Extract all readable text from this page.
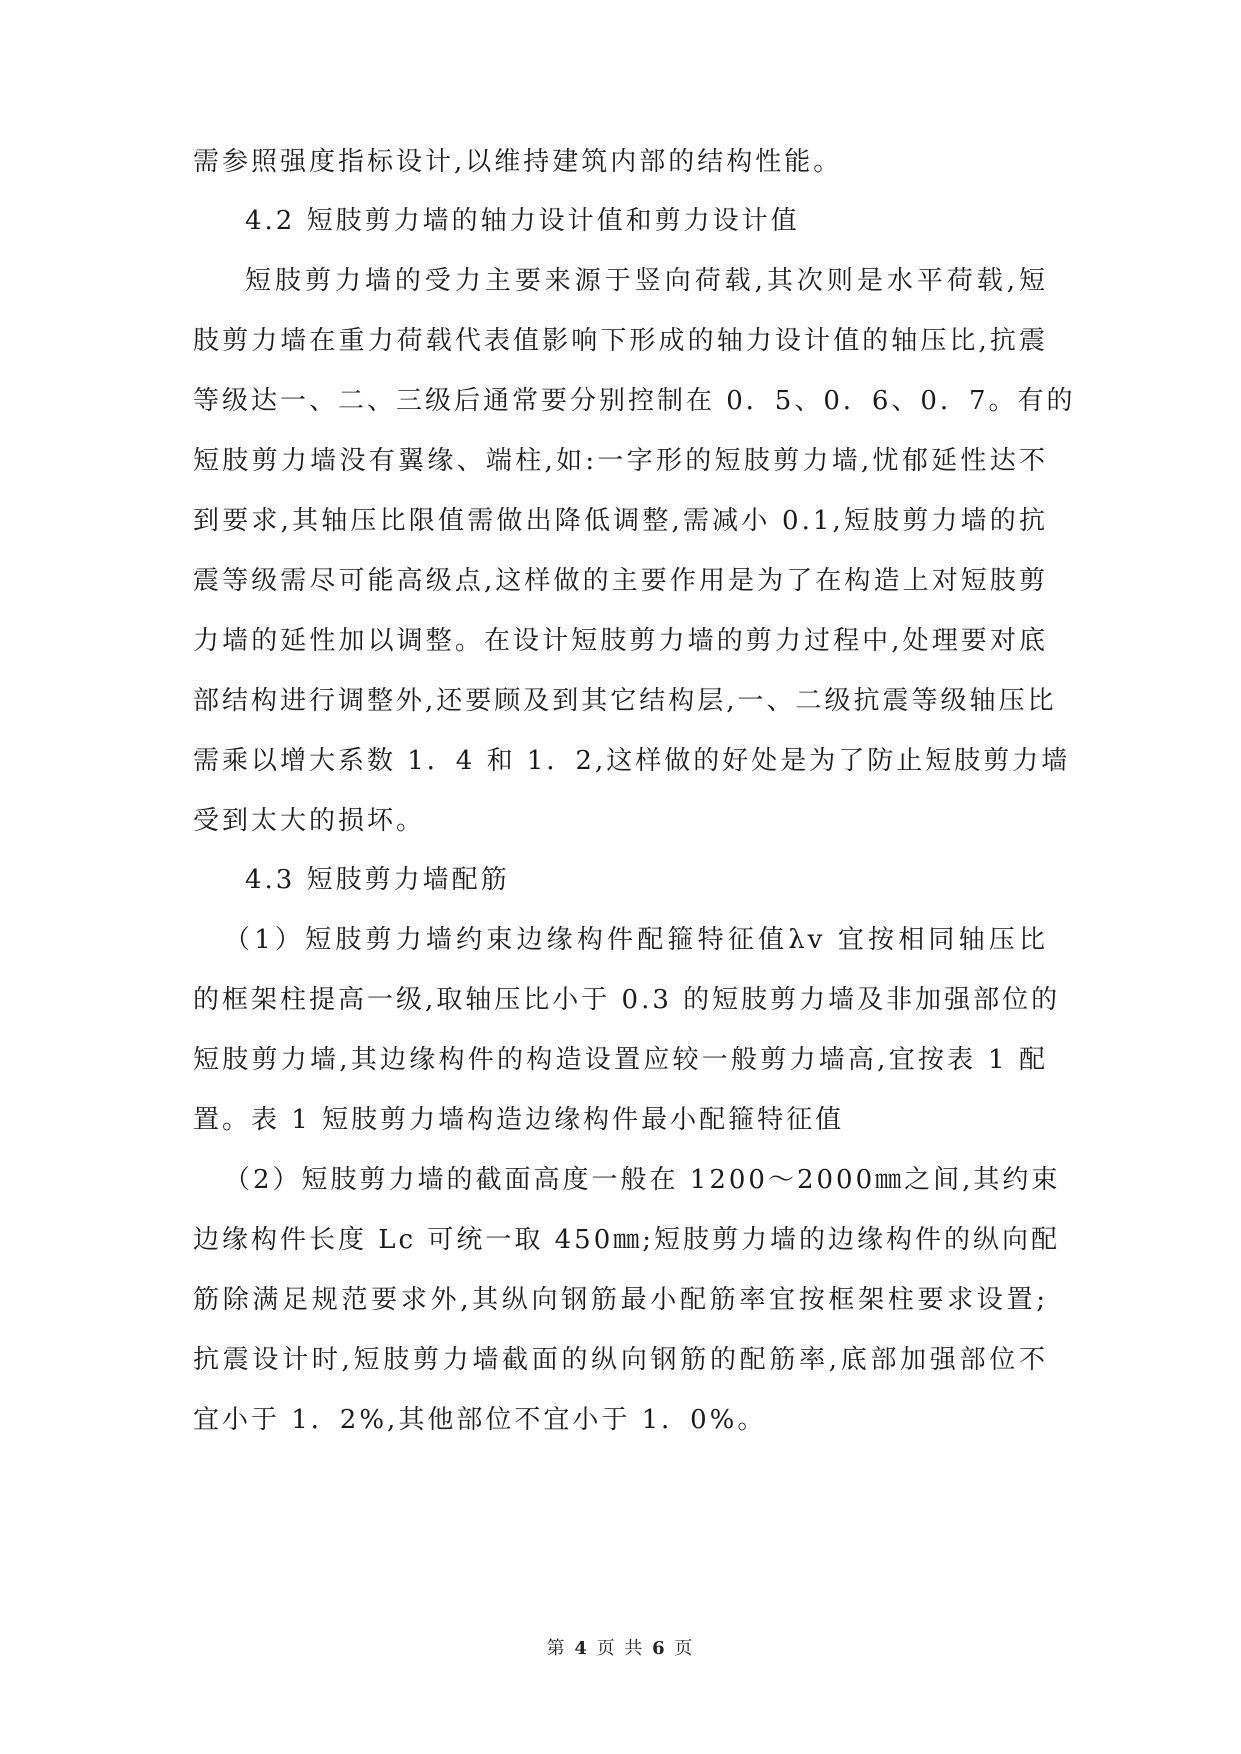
需参照强度指标设计,以维持建筑内部的结构性能。
4.2 短肢剪力墙的轴力设计值和剪力设计值
短肢剪力墙的受力主要来源于竖向荷载,其次则是水平荷载,短
肢剪力墙在重力荷载代表值影响下形成的轴力设计值的轴压比,抗震
等级达一、二、三级后通常要分别控制在 0．5、0．6、0．7。有的
短肢剪力墙没有翼缘、端柱,如:一字形的短肢剪力墙,忧郁延性达不
到要求,其轴压比限值需做出降低调整,需减小 0.1,短肢剪力墙的抗
震等级需尽可能高级点,这样做的主要作用是为了在构造上对短肢剪
力墙的延性加以调整。在设计短肢剪力墙的剪力过程中,处理要对底
部结构进行调整外,还要顾及到其它结构层,一、二级抗震等级轴压比
需乘以增大系数 1．4 和 1．2,这样做的好处是为了防止短肢剪力墙
受到太大的损坏。
4.3 短肢剪力墙配筋
（1）短肢剪力墙约束边缘构件配箍特征值λv 宜按相同轴压比
的框架柱提高一级,取轴压比小于 0.3 的短肢剪力墙及非加强部位的
短肢剪力墙,其边缘构件的构造设置应较一般剪力墙高,宜按表 1 配
置。表 1 短肢剪力墙构造边缘构件最小配箍特征值
（2）短肢剪力墙的截面高度一般在 1200～2000㎜之间,其约束
边缘构件长度 Lc 可统一取 450㎜;短肢剪力墙的边缘构件的纵向配
筋除满足规范要求外,其纵向钢筋最小配筋率宜按框架柱要求设置;
抗震设计时,短肢剪力墙截面的纵向钢筋的配筋率,底部加强部位不
宜小于 1．2%,其他部位不宜小于 1．0%。
第 4 页 共 6 页
